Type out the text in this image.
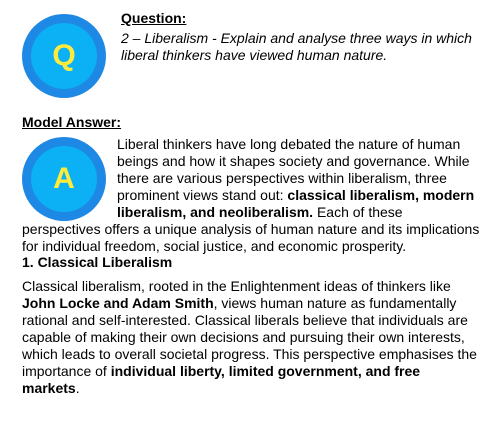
Q
Question:
2 – Liberalism - Explain and analyse three ways in which liberal thinkers have viewed human nature.
Model Answer:
A

Liberal thinkers have long debated the nature of human beings and how it shapes society and governance. While there are various perspectives within liberalism, three prominent views stand out: classical liberalism, modern liberalism, and neoliberalism. Each of these perspectives offers a unique analysis of human nature and its implications for individual freedom, social justice, and economic prosperity.

1. Classical Liberalism
Classical liberalism, rooted in the Enlightenment ideas of thinkers like John Locke and Adam Smith, views human nature as fundamentally rational and self-interested. Classical liberals believe that individuals are capable of making their own decisions and pursuing their own interests, which leads to overall societal progress. This perspective emphasises the importance of individual liberty, limited government, and free markets.
